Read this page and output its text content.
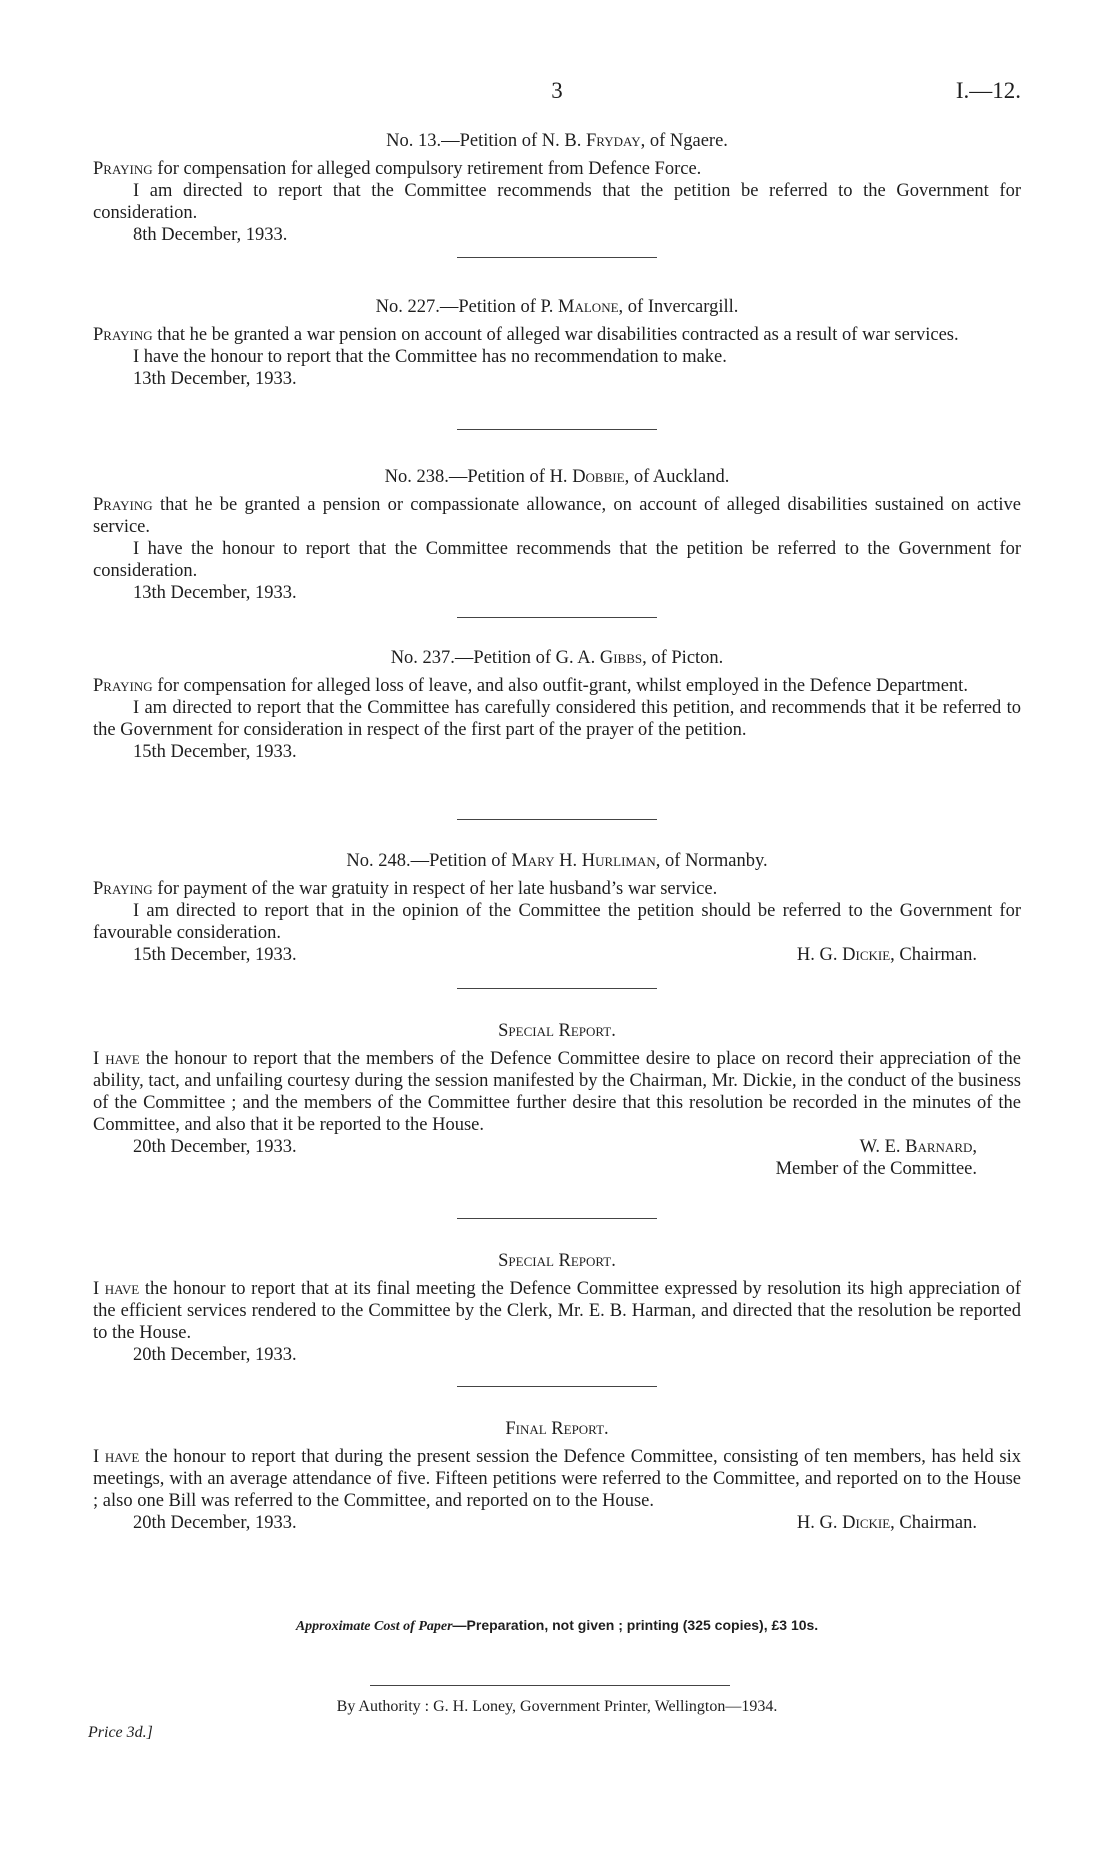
3	I.—12.
No. 13.—Petition of N. B. Fryday, of Ngaere.
Praying for compensation for alleged compulsory retirement from Defence Force.
I am directed to report that the Committee recommends that the petition be referred to the Government for consideration.
8th December, 1933.
No. 227.—Petition of P. Malone, of Invercargill.
Praying that he be granted a war pension on account of alleged war disabilities contracted as a result of war services.
I have the honour to report that the Committee has no recommendation to make.
13th December, 1933.
No. 238.—Petition of H. Dobbie, of Auckland.
Praying that he be granted a pension or compassionate allowance, on account of alleged disabilities sustained on active service.
I have the honour to report that the Committee recommends that the petition be referred to the Government for consideration.
13th December, 1933.
No. 237.—Petition of G. A. Gibbs, of Picton.
Praying for compensation for alleged loss of leave, and also outfit-grant, whilst employed in the Defence Department.
I am directed to report that the Committee has carefully considered this petition, and recommends that it be referred to the Government for consideration in respect of the first part of the prayer of the petition.
15th December, 1933.
No. 248.—Petition of Mary H. Hurliman, of Normanby.
Praying for payment of the war gratuity in respect of her late husband’s war service.
I am directed to report that in the opinion of the Committee the petition should be referred to the Government for favourable consideration.
15th December, 1933.	H. G. Dickie, Chairman.
Special Report.
I have the honour to report that the members of the Defence Committee desire to place on record their appreciation of the ability, tact, and unfailing courtesy during the session manifested by the Chairman, Mr. Dickie, in the conduct of the business of the Committee ; and the members of the Committee further desire that this resolution be recorded in the minutes of the Committee, and also that it be reported to the House.
20th December, 1933.	W. E. Barnard,
Member of the Committee.
Special Report.
I have the honour to report that at its final meeting the Defence Committee expressed by resolution its high appreciation of the efficient services rendered to the Committee by the Clerk, Mr. E. B. Harman, and directed that the resolution be reported to the House.
20th December, 1933.
Final Report.
I have the honour to report that during the present session the Defence Committee, consisting of ten members, has held six meetings, with an average attendance of five. Fifteen petitions were referred to the Committee, and reported on to the House ; also one Bill was referred to the Committee, and reported on to the House.
20th December, 1933.	H. G. Dickie, Chairman.
Approximate Cost of Paper—Preparation, not given ; printing (325 copies), £3 10s.
By Authority : G. H. Loney, Government Printer, Wellington—1934.
Price 3d.]
